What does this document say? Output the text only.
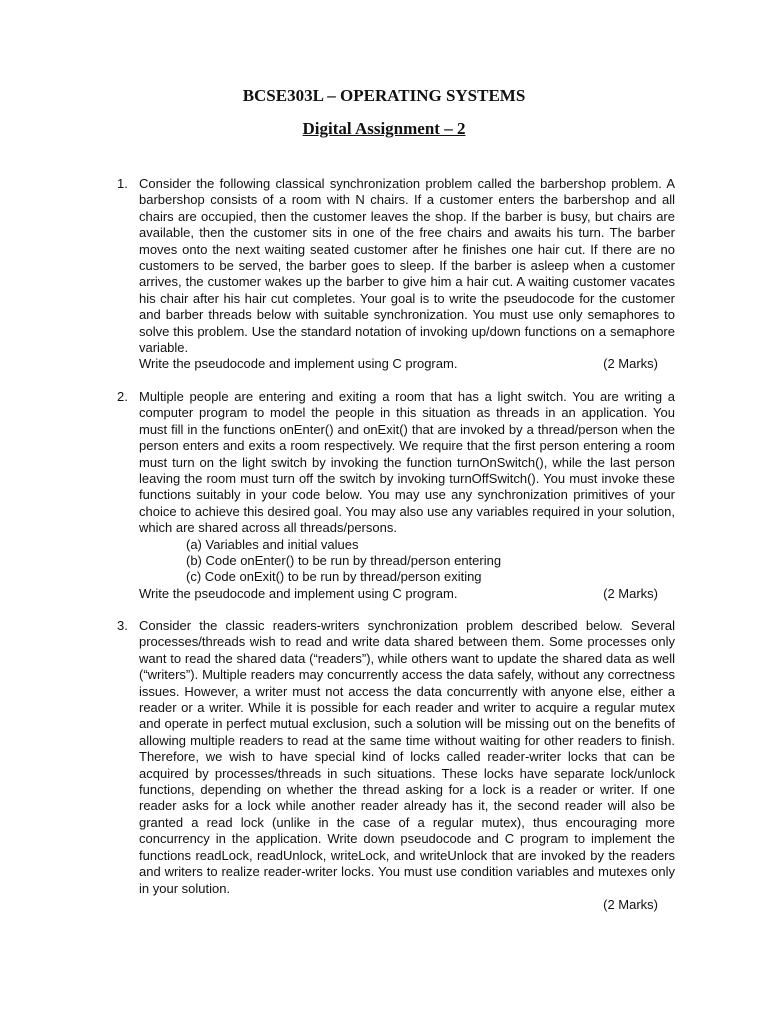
BCSE303L – OPERATING SYSTEMS
Digital Assignment – 2
1. Consider the following classical synchronization problem called the barbershop problem. A barbershop consists of a room with N chairs. If a customer enters the barbershop and all chairs are occupied, then the customer leaves the shop. If the barber is busy, but chairs are available, then the customer sits in one of the free chairs and awaits his turn. The barber moves onto the next waiting seated customer after he finishes one hair cut. If there are no customers to be served, the barber goes to sleep. If the barber is asleep when a customer arrives, the customer wakes up the barber to give him a hair cut. A waiting customer vacates his chair after his hair cut completes. Your goal is to write the pseudocode for the customer and barber threads below with suitable synchronization. You must use only semaphores to solve this problem. Use the standard notation of invoking up/down functions on a semaphore variable.

Write the pseudocode and implement using C program.	(2 Marks)
2. Multiple people are entering and exiting a room that has a light switch. You are writing a computer program to model the people in this situation as threads in an application. You must fill in the functions onEnter() and onExit() that are invoked by a thread/person when the person enters and exits a room respectively. We require that the first person entering a room must turn on the light switch by invoking the function turnOnSwitch(), while the last person leaving the room must turn off the switch by invoking turnOffSwitch(). You must invoke these functions suitably in your code below. You may use any synchronization primitives of your choice to achieve this desired goal. You may also use any variables required in your solution, which are shared across all threads/persons.

(a) Variables and initial values

(b) Code onEnter() to be run by thread/person entering

(c) Code onExit() to be run by thread/person exiting

Write the pseudocode and implement using C program.	(2 Marks)
3. Consider the classic readers-writers synchronization problem described below. Several processes/threads wish to read and write data shared between them. Some processes only want to read the shared data (“readers”), while others want to update the shared data as well (“writers”). Multiple readers may concurrently access the data safely, without any correctness issues. However, a writer must not access the data concurrently with anyone else, either a reader or a writer. While it is possible for each reader and writer to acquire a regular mutex and operate in perfect mutual exclusion, such a solution will be missing out on the benefits of allowing multiple readers to read at the same time without waiting for other readers to finish. Therefore, we wish to have special kind of locks called reader-writer locks that can be acquired by processes/threads in such situations. These locks have separate lock/unlock functions, depending on whether the thread asking for a lock is a reader or writer. If one reader asks for a lock while another reader already has it, the second reader will also be granted a read lock (unlike in the case of a regular mutex), thus encouraging more concurrency in the application. Write down pseudocode and C program to implement the functions readLock, readUnlock, writeLock, and writeUnlock that are invoked by the readers and writers to realize reader-writer locks. You must use condition variables and mutexes only in your solution.

(2 Marks)
